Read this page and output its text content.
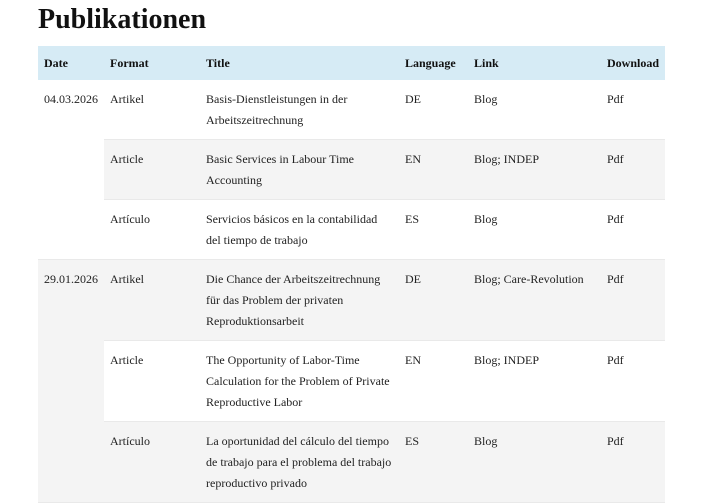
Publikationen
Date	Format	Title	Language	Link	Download
04.03.2026	Artikel	Basis-Dienstleistungen in der Arbeitszeitrechnung	DE	Blog	Pdf
	Article	Basic Services in Labour Time Accounting	EN	Blog; INDEP	Pdf
	Artículo	Servicios básicos en la contabilidad del tiempo de trabajo	ES	Blog	Pdf
29.01.2026	Artikel	Die Chance der Arbeitszeitrechnung für das Problem der privaten Reproduktionsarbeit	DE	Blog; Care-Revolution	Pdf
	Article	The Opportunity of Labor-Time Calculation for the Problem of Private Reproductive Labor	EN	Blog; INDEP	Pdf
	Artículo	La oportunidad del cálculo del tiempo de trabajo para el problema del trabajo reproductivo privado	ES	Blog	Pdf
